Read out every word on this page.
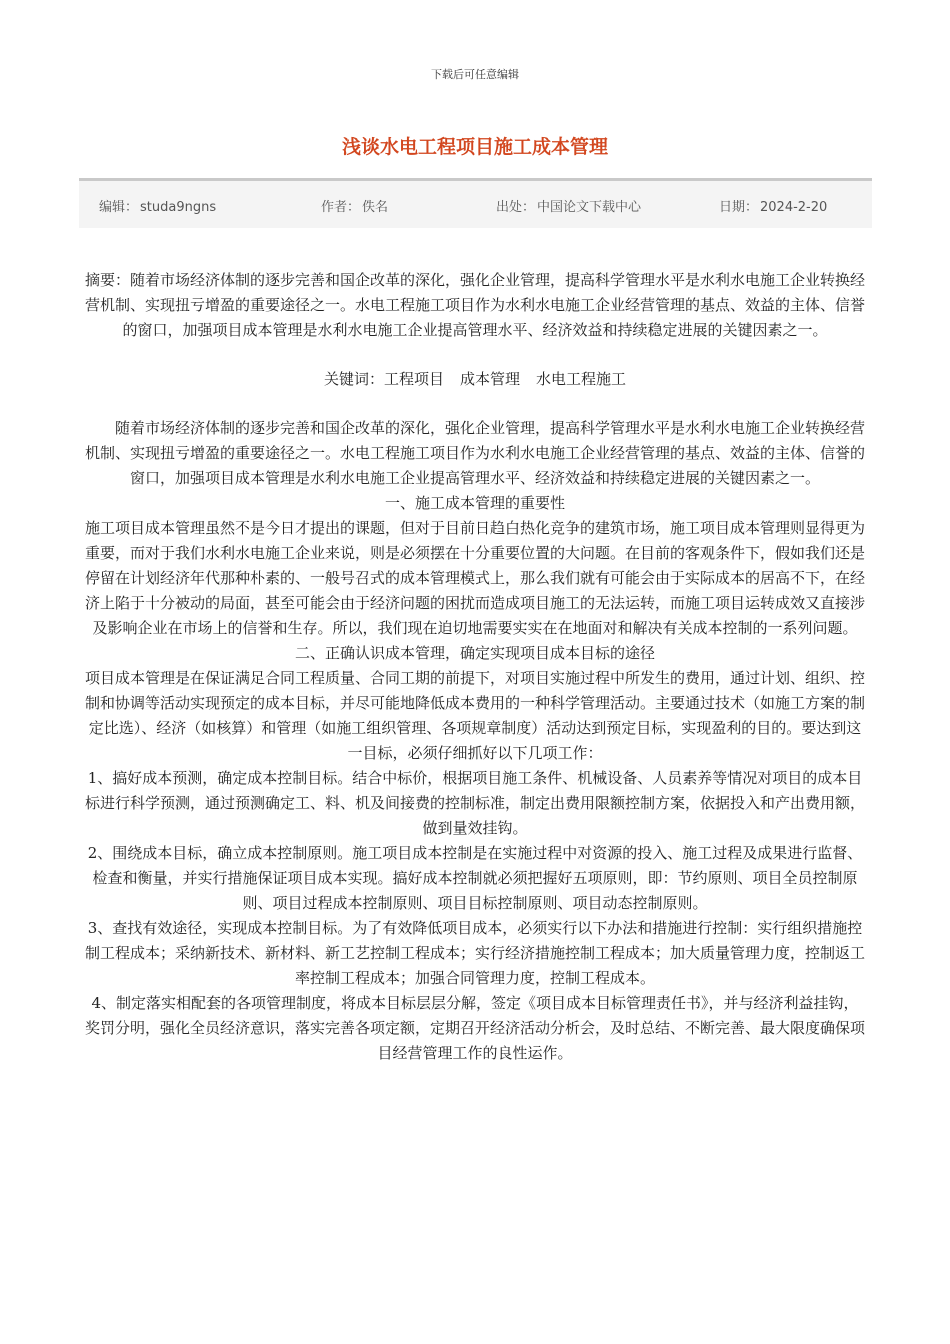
下载后可任意编辑
浅谈水电工程项目施工成本管理
编辑： studa9ngns	作者： 佚名	出处： 中国论文下载中心	日期： 2024-2-20

摘要：随着市场经济体制的逐步完善和国企改革的深化，强化企业管理，提高科学管理水平是水利水电施工企业转换经营机制、实现扭亏增盈的重要途径之一。水电工程施工项目作为水利水电施工企业经营管理的基点、效益的主体、信誉的窗口，加强项目成本管理是水利水电施工企业提高管理水平、经济效益和持续稳定进展的关键因素之一。

关键词：工程项目 成本管理 水电工程施工

随着市场经济体制的逐步完善和国企改革的深化，强化企业管理，提高科学管理水平是水利水电施工企业转换经营机制、实现扭亏增盈的重要途径之一。水电工程施工项目作为水利水电施工企业经营管理的基点、效益的主体、信誉的窗口，加强项目成本管理是水利水电施工企业提高管理水平、经济效益和持续稳定进展的关键因素之一。

一、施工成本管理的重要性

施工项目成本管理虽然不是今日才提出的课题，但对于目前日趋白热化竞争的建筑市场，施工项目成本管理则显得更为重要，而对于我们水利水电施工企业来说，则是必须摆在十分重要位置的大问题。在目前的客观条件下，假如我们还是停留在计划经济年代那种朴素的、一般号召式的成本管理模式上，那么我们就有可能会由于实际成本的居高不下，在经济上陷于十分被动的局面，甚至可能会由于经济问题的困扰而造成项目施工的无法运转，而施工项目运转成效又直接涉及影响企业在市场上的信誉和生存。所以，我们现在迫切地需要实实在在地面对和解决有关成本控制的一系列问题。

二、正确认识成本管理，确定实现项目成本目标的途径

项目成本管理是在保证满足合同工程质量、合同工期的前提下，对项目实施过程中所发生的费用，通过计划、组织、控制和协调等活动实现预定的成本目标，并尽可能地降低成本费用的一种科学管理活动。主要通过技术（如施工方案的制定比选）、经济（如核算）和管理（如施工组织管理、各项规章制度）活动达到预定目标，实现盈利的目的。要达到这一目标，必须仔细抓好以下几项工作：

1、搞好成本预测，确定成本控制目标。结合中标价，根据项目施工条件、机械设备、人员素养等情况对项目的成本目标进行科学预测，通过预测确定工、料、机及间接费的控制标准，制定出费用限额控制方案，依据投入和产出费用额，做到量效挂钩。

2、围绕成本目标，确立成本控制原则。施工项目成本控制是在实施过程中对资源的投入、施工过程及成果进行监督、检查和衡量，并实行措施保证项目成本实现。搞好成本控制就必须把握好五项原则，即：节约原则、项目全员控制原则、项目过程成本控制原则、项目目标控制原则、项目动态控制原则。

3、查找有效途径，实现成本控制目标。为了有效降低项目成本，必须实行以下办法和措施进行控制：实行组织措施控制工程成本；采纳新技术、新材料、新工艺控制工程成本；实行经济措施控制工程成本；加大质量管理力度，控制返工率控制工程成本；加强合同管理力度，控制工程成本。

4、制定落实相配套的各项管理制度，将成本目标层层分解，签定《项目成本目标管理责任书》，并与经济利益挂钩，奖罚分明，强化全员经济意识，落实完善各项定额，定期召开经济活动分析会，及时总结、不断完善、最大限度确保项目经营管理工作的良性运作。
